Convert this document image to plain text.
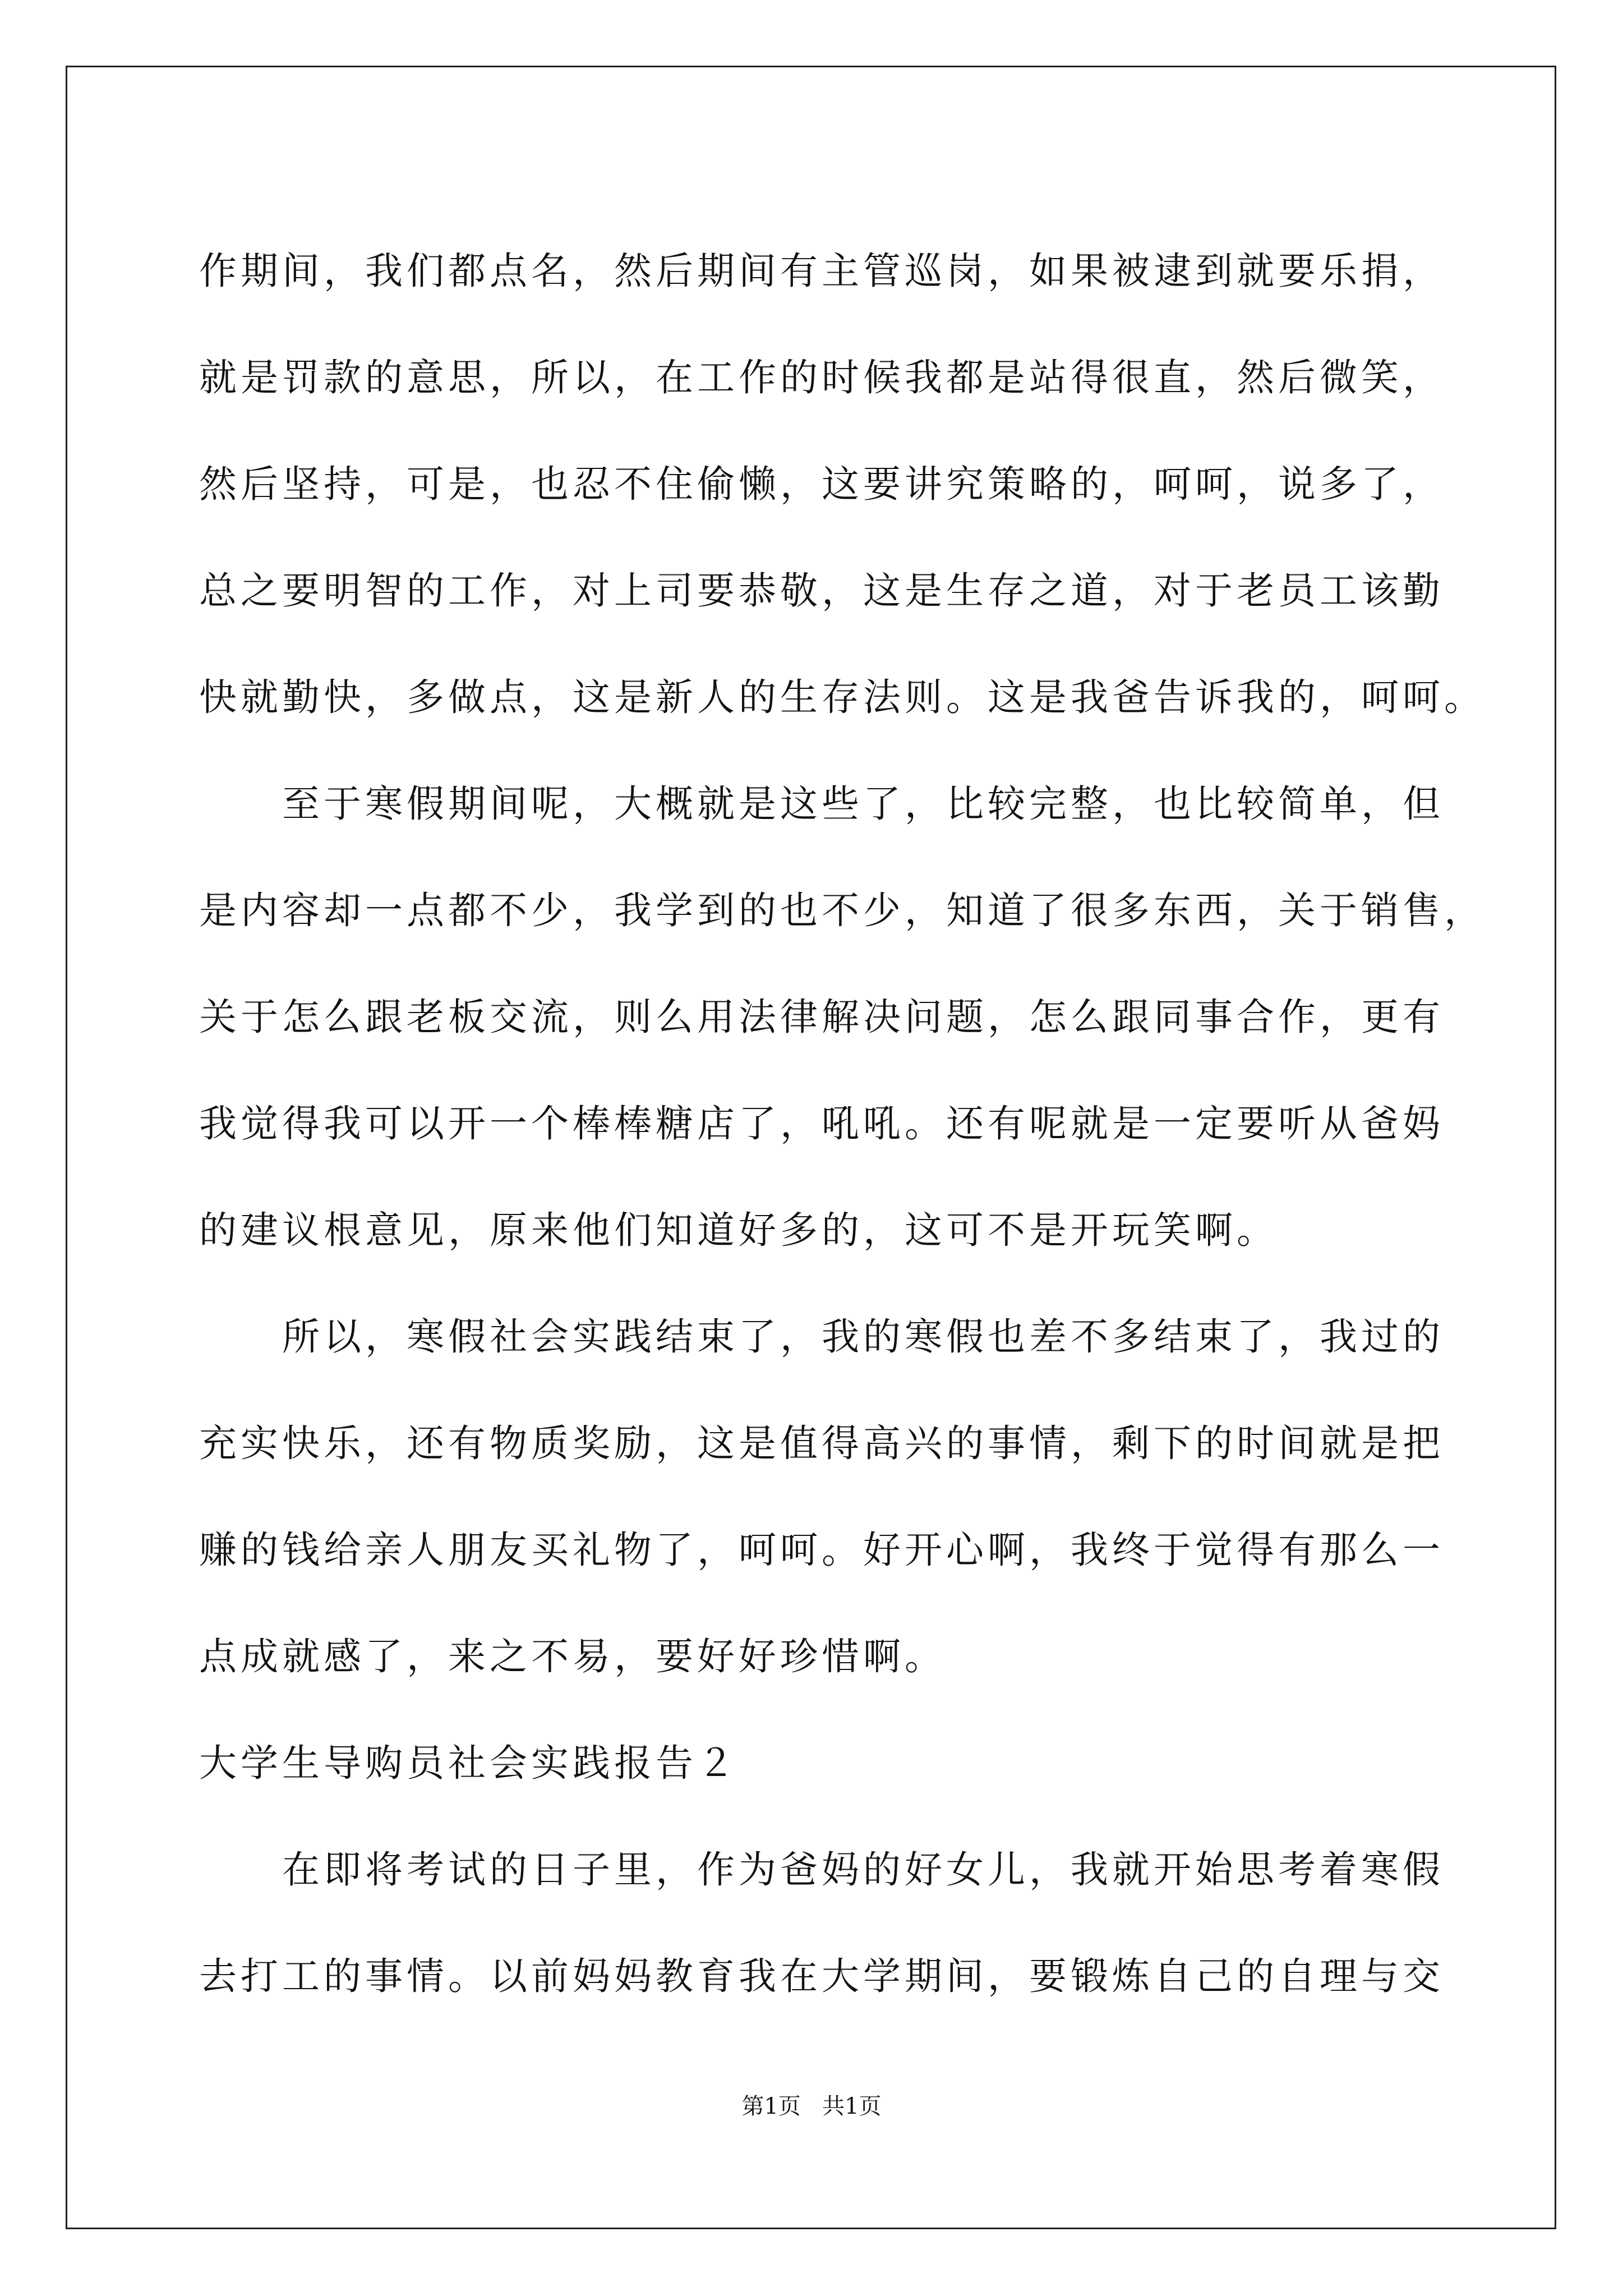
作期间，我们都点名，然后期间有主管巡岗，如果被逮到就要乐捐，
就是罚款的意思，所以，在工作的时候我都是站得很直，然后微笑，
然后坚持，可是，也忍不住偷懒，这要讲究策略的，呵呵，说多了，
总之要明智的工作，对上司要恭敬，这是生存之道，对于老员工该勤
快就勤快，多做点，这是新人的生存法则。这是我爸告诉我的，呵呵。
至于寒假期间呢，大概就是这些了，比较完整，也比较简单，但
是内容却一点都不少，我学到的也不少，知道了很多东西，关于销售，
关于怎么跟老板交流，则么用法律解决问题，怎么跟同事合作，更有
我觉得我可以开一个棒棒糖店了，吼吼。还有呢就是一定要听从爸妈
的建议根意见，原来他们知道好多的，这可不是开玩笑啊。
所以，寒假社会实践结束了，我的寒假也差不多结束了，我过的
充实快乐，还有物质奖励，这是值得高兴的事情，剩下的时间就是把
赚的钱给亲人朋友买礼物了，呵呵。好开心啊，我终于觉得有那么一
点成就感了，来之不易，要好好珍惜啊。
大学生导购员社会实践报告２
在即将考试的日子里，作为爸妈的好女儿，我就开始思考着寒假
去打工的事情。以前妈妈教育我在大学期间，要锻炼自己的自理与交
第1页   共1页
